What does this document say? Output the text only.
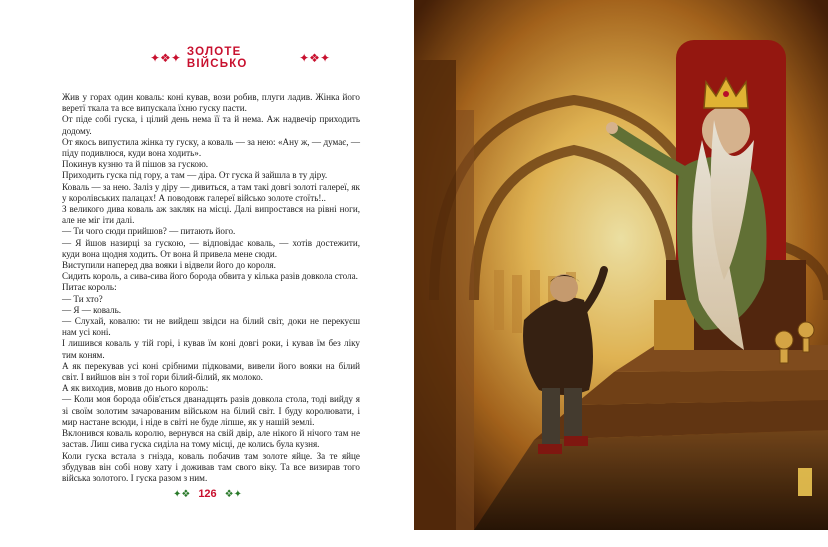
✦❖✦ ЗОЛОТЕ ВІЙСЬКО	✦❖✦

Жив у горах один коваль: коні кував, вози робив, плуги ладив. Жінка його веретї ткала та все випускала їхню гуску пасти.

От піде собі гуска, і цілий день нема її та й нема. Аж надвечір приходить додому.

От якось випустила жінка ту гуску, а коваль — за нею: «Ану ж, — думає, — піду подивлюся, куди вона ходить».

Покинув кузню та й пішов за гускою.

Приходить гуска під гору, а там — діра. От гуска й зайшла в ту діру.

Коваль — за нею. Заліз у діру — дивиться, а там такі довгі золоті галереї, як у королівських палацах! А поводовж галереї військо золоте стоїть!..

З великого дива коваль аж закляк на місці. Далі випростався на рівні ноги, але не міг іти далі.

— Ти чого сюди прийшов? — питають його.

— Я йшов назирці за гускою, — відповідає коваль, — хотів достежити, куди вона щодня ходить. От вона й привела мене сюди.

Виступили наперед два вояки і відвели його до короля.

Сидить король, а сива-сива його борода обвита у кілька разів довкола стола.

Питає король:

— Ти хто?

— Я — коваль.

— Слухай, ковалю: ти не вийдеш звідси на білий світ, доки не перекуєш нам усі коні.

І лишився коваль у тій горі, і кував їм коні довгі роки, і кував їм без ліку тим коням.

А як перекував усі коні срібними підковами, вивели його вояки на білий світ. І вийшов він з тої гори білий-білий, як молоко.

А як виходив, мовив до нього король:

— Коли моя борода обів'ється дванадцять разів довкола стола, тоді вийду я зі своїм золотим зачарованим військом на білий світ. І буду королювати, і мир настане всюди, і ніде в світі не буде ліпше, як у нашій землі.

Вклонився коваль королю, вернувся на свій двір, але нікого й нічого там не застав. Лиш сива гуска сиділа на тому місці, де колись була кузня.

Коли гуска встала з гнізда, коваль побачив там золоте яйце. За те яйце збудував він собі нову хату і доживав там свого віку. Та все визирав того війська золотого. І гуска разом з ним.

✦❖ 126 ❖✦
